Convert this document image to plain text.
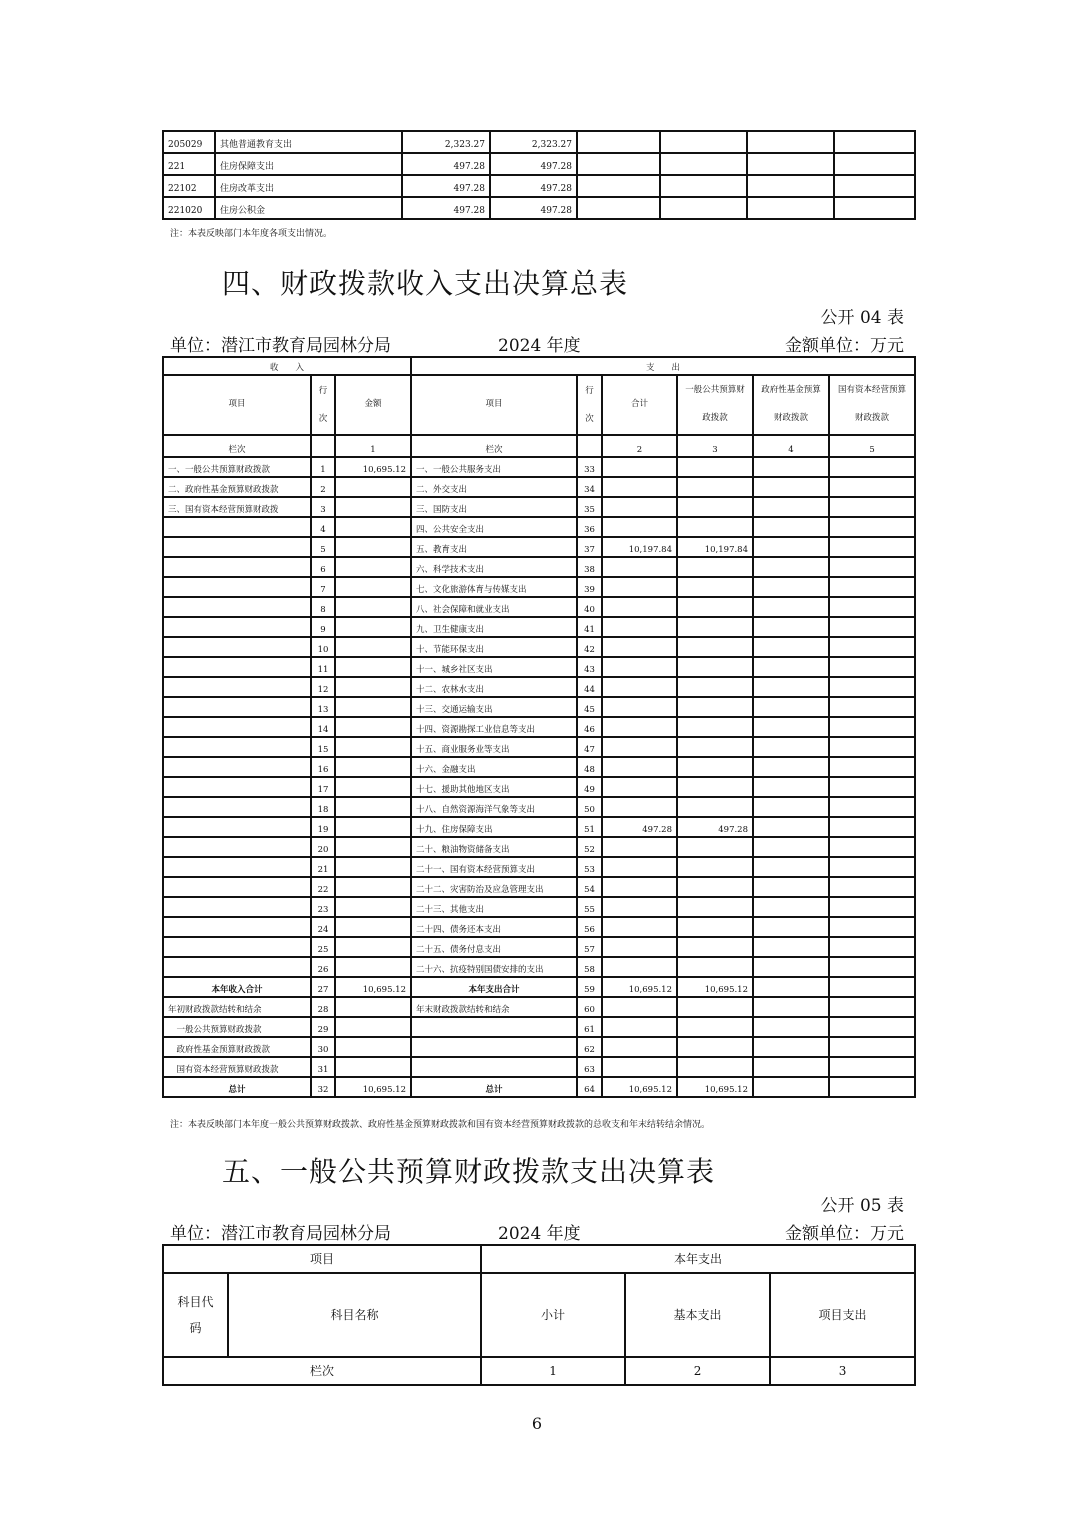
205029	其他普通教育支出	2,323.27	2,323.27				
221	住房保障支出	497.28	497.28				
22102	住房改革支出	497.28	497.28				
221020	住房公积金	497.28	497.28				
注：本表反映部门本年度各项支出情况。
四、财政拨款收入支出决算总表
公开 04 表
单位：潜江市教育局园林分局	2024 年度	金额单位：万元
收　　入			支　　出					
项目	行次	金额	项目	行次	合计	一般公共预算财政拨款	政府性基金预算财政拨款	国有资本经营预算财政拨款
栏次		1	栏次		2	3	4	5
一、一般公共预算财政拨款	1	10,695.12	一、一般公共服务支出	33				
二、政府性基金预算财政拨款	2		二、外交支出	34				
三、国有资本经营预算财政拨	3		三、国防支出	35				
	4		四、公共安全支出	36				
	5		五、教育支出	37	10,197.84	10,197.84		
	6		六、科学技术支出	38				
	7		七、文化旅游体育与传媒支出	39				
	8		八、社会保障和就业支出	40				
	9		九、卫生健康支出	41				
	10		十、节能环保支出	42				
	11		十一、城乡社区支出	43				
	12		十二、农林水支出	44				
	13		十三、交通运输支出	45				
	14		十四、资源勘探工业信息等支出	46				
	15		十五、商业服务业等支出	47				
	16		十六、金融支出	48				
	17		十七、援助其他地区支出	49				
	18		十八、自然资源海洋气象等支出	50				
	19		十九、住房保障支出	51	497.28	497.28		
	20		二十、粮油物资储备支出	52				
	21		二十一、国有资本经营预算支出	53				
	22		二十二、灾害防治及应急管理支出	54				
	23		二十三、其他支出	55				
	24		二十四、债务还本支出	56				
	25		二十五、债务付息支出	57				
	26		二十六、抗疫特别国债安排的支出	58				
本年收入合计	27	10,695.12	本年支出合计	59	10,695.12	10,695.12		
年初财政拨款结转和结余	28		年末财政拨款结转和结余	60				
　一般公共预算财政拨款	29			61				
　政府性基金预算财政拨款	30			62				
　国有资本经营预算财政拨款	31			63				
总计	32	10,695.12	总计	64	10,695.12	10,695.12		
注：本表反映部门本年度一般公共预算财政拨款、政府性基金预算财政拨款和国有资本经营预算财政拨款的总收支和年末结转结余情况。
五、一般公共预算财政拨款支出决算表
公开 05 表
单位：潜江市教育局园林分局	2024 年度	金额单位：万元
项目		本年支出		
科目代码	科目名称	小计	基本支出	项目支出
栏次		1	2	3
6
